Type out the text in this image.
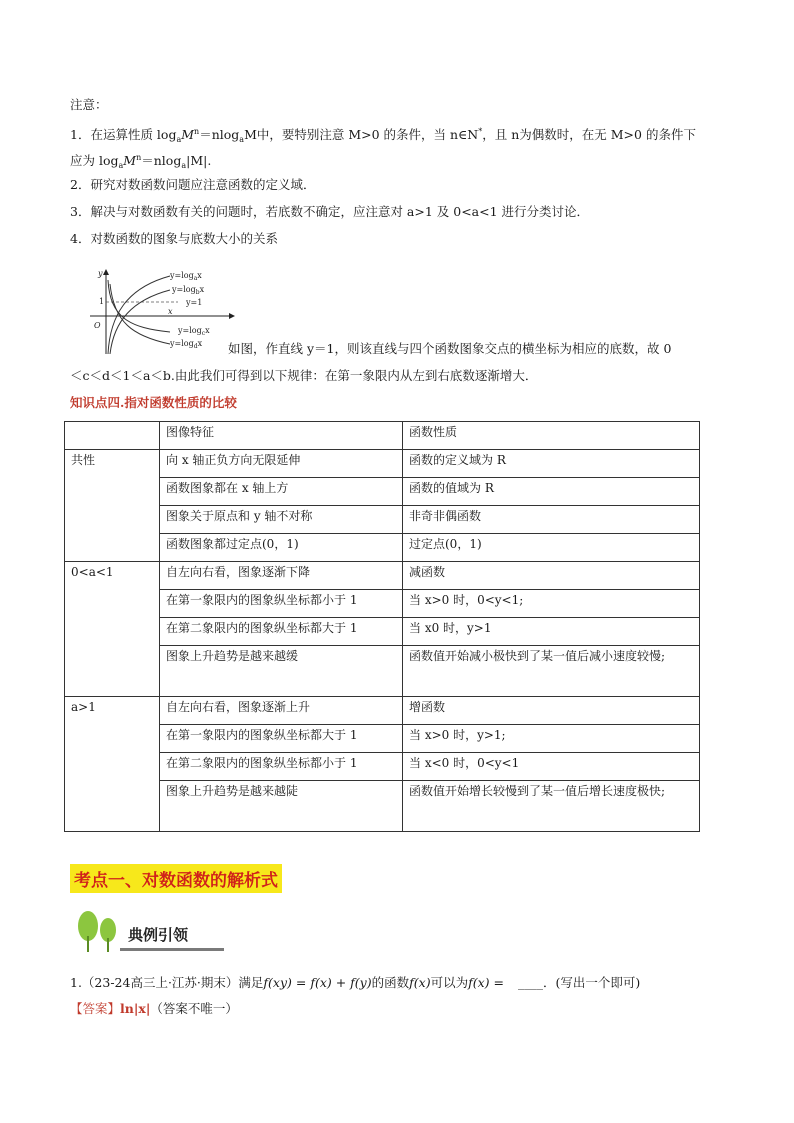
注意：
1．在运算性质 $\log_aM^n=nlog_aM$中，要特别注意 M>0 的条件，当 n∈N*，且 n为偶数时，在无 M>0 的条件下
应为 $\log_aM^n=nlog_a|M|$.
2．研究对数函数问题应注意函数的定义域．
3．解决与对数函数有关的问题时，若底数不确定，应注意对 a>1 及 0<a<1 进行分类讨论．
4．对数函数的图象与底数大小的关系
$y=\log_ax$
$y=\log_bx$
y=1
$y=\log_cx$
$y=\log_dx$
y
x
O
1
如图，作直线 y＝1，则该直线与四个函数图象交点的横坐标为相应的底数，故 0
＜c＜d＜1＜a＜b.由此我们可得到以下规律：在第一象限内从左到右底数逐渐增大．
知识点四.指对函数性质的比较
	图像特征	函数性质
共性	向 x 轴正负方向无限延伸	函数的定义域为 R
	函数图象都在 x 轴上方	函数的值域为 R
	图象关于原点和 y 轴不对称	非奇非偶函数
	函数图象都过定点(0，1)	过定点(0，1)
0<a<1	自左向右看，图象逐渐下降	减函数
	在第一象限内的图象纵坐标都小于 1	当 x>0 时，0<y<1;
	在第二象限内的图象纵坐标都大于 1	当 x0 时，y>1
	图象上升趋势是越来越缓	函数值开始减小极快到了某一值后减小速度较慢;
a>1	自左向右看，图象逐渐上升	增函数
	在第一象限内的图象纵坐标都大于 1	当 x>0 时，y>1;
	在第二象限内的图象纵坐标都小于 1	当 x<0 时，0<y<1
	图象上升趋势是越来越陡	函数值开始增长较慢到了某一值后增长速度极快;
考点一、对数函数的解析式
典例引领
1.（23-24高三上·江苏·期末）满足f(xy) = f(x) + f(y)的函数f(x)可以为f(x) = ____．(写出一个即可)
【答案】ln|x|（答案不唯一）
